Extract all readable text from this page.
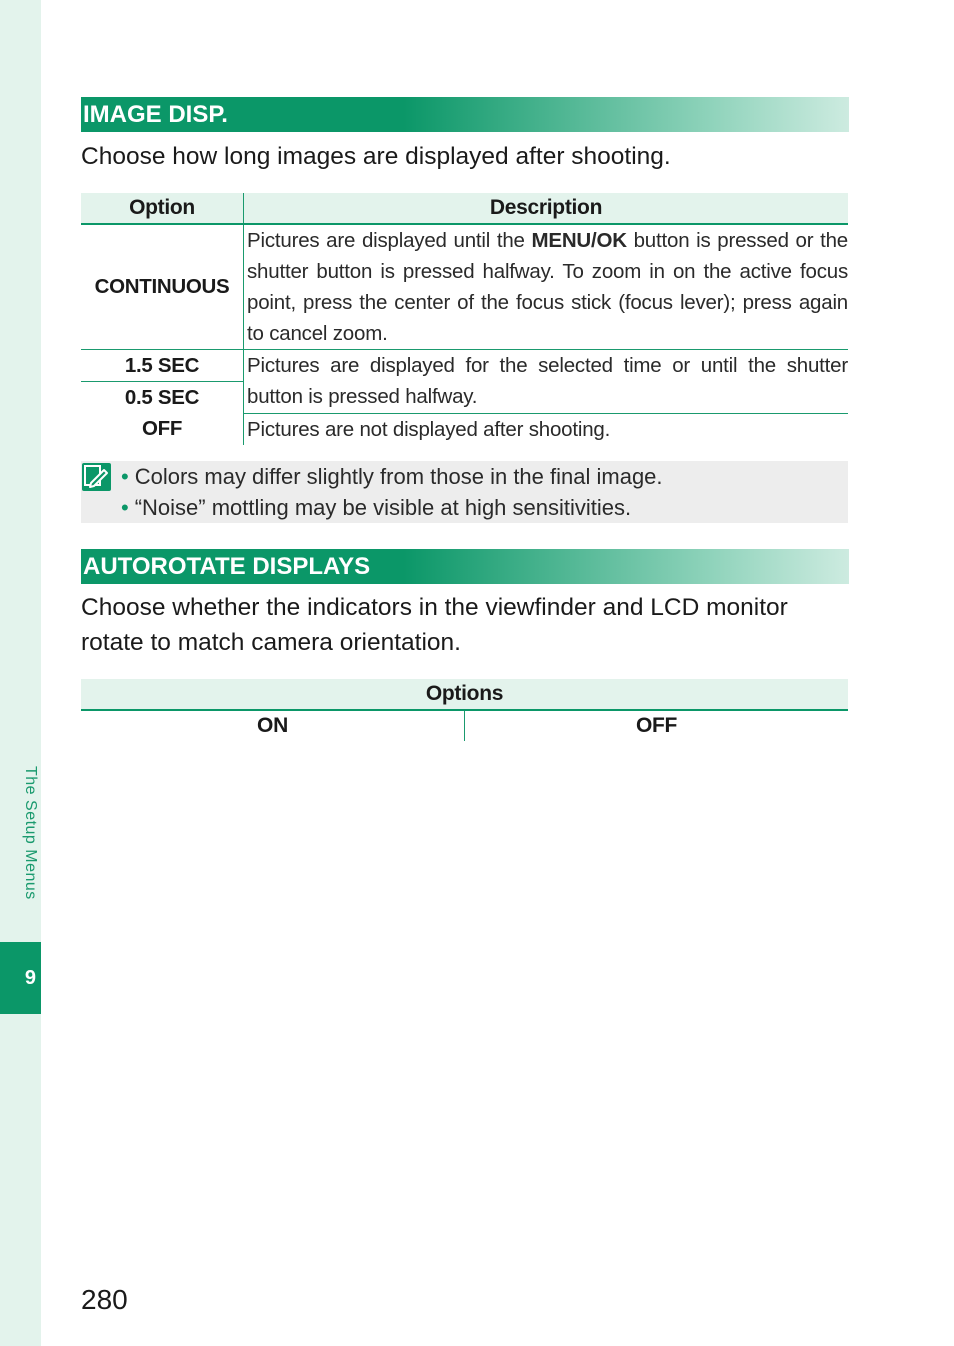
The Setup Menus
9
IMAGE DISP.
Choose how long images are displayed after shooting.
Option	Description
CONTINUOUS	Pictures are displayed until the MENU/OK button is pressed or the shutter button is pressed halfway. To zoom in on the active focus point, press the center of the focus stick (focus lever); press again to cancel zoom.
1.5 SEC	Pictures are displayed for the selected time or until the shutter button is pressed halfway.
0.5 SEC	
OFF	Pictures are not displayed after shooting.
• Colors may differ slightly from those in the final image.
• “Noise” mottling may be visible at high sensitivities.
AUTOROTATE DISPLAYS
Choose whether the indicators in the viewfinder and LCD monitor rotate to match camera orientation.
Options
ON	OFF
280
